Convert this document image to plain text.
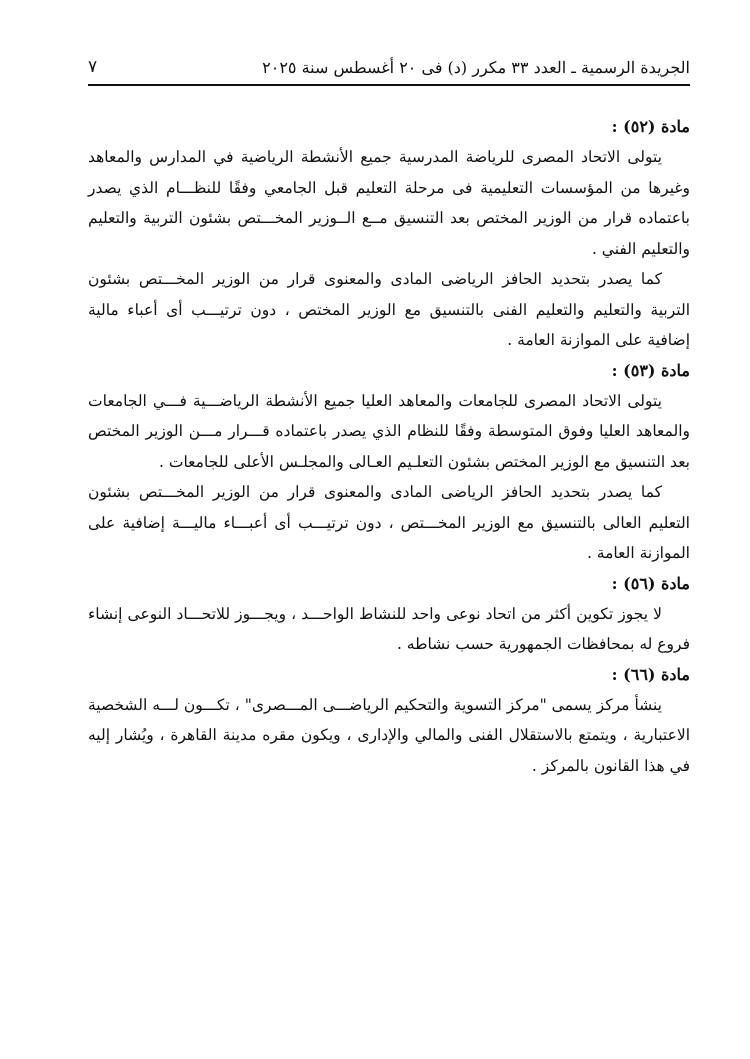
الجريدة الرسمية ـ العدد ٣٣ مكرر (د) فى ٢٠ أغسطس سنة ٢٠٢٥
٧

مادة (٥٢) :

يتولى الاتحاد المصرى للرياضة المدرسية جميع الأنشطة الرياضية في المدارس والمعاهد وغيرها من المؤسسات التعليمية فى مرحلة التعليم قبل الجامعي وفقًا للنظـــام الذي يصدر باعتماده قرار من الوزير المختص بعد التنسيق مــع الــوزير المخـــتص بشئون التربية والتعليم والتعليم الفني .

كما يصدر بتحديد الحافز الرياضى المادى والمعنوى قرار من الوزير المخـــتص بشئون التربية والتعليم والتعليم الفنى بالتنسيق مع الوزير المختص ، دون ترتيـــب أى أعباء مالية إضافية على الموازنة العامة .

مادة (٥٣) :

يتولى الاتحاد المصرى للجامعات والمعاهد العليا جميع الأنشطة الرياضـــية فـــي الجامعات والمعاهد العليا وفوق المتوسطة وفقًا للنظام الذي يصدر باعتماده قـــرار مـــن الوزير المختص بعد التنسيق مع الوزير المختص بشئون التعلـيم العـالى والمجلـس الأعلى للجامعات .

كما يصدر بتحديد الحافز الرياضى المادى والمعنوى قرار من الوزير المخـــتص بشئون التعليم العالى بالتنسيق مع الوزير المخـــتص ، دون ترتيـــب أى أعبـــاء ماليـــة إضافية على الموازنة العامة .

مادة (٥٦) :

لا يجوز تكوين أكثر من اتحاد نوعى واحد للنشاط الواحـــد ، ويجـــوز للاتحـــاد النوعى إنشاء فروع له بمحافظات الجمهورية حسب نشاطه .

مادة (٦٦) :

ينشأ مركز يسمى "مركز التسوية والتحكيم الرياضـــى المـــصرى" ، تكـــون لـــه الشخصية الاعتبارية ، ويتمتع بالاستقلال الفنى والمالي والإدارى ، ويكون مقره مدينة القاهرة ، ويُشار إليه في هذا القانون بالمركز .
